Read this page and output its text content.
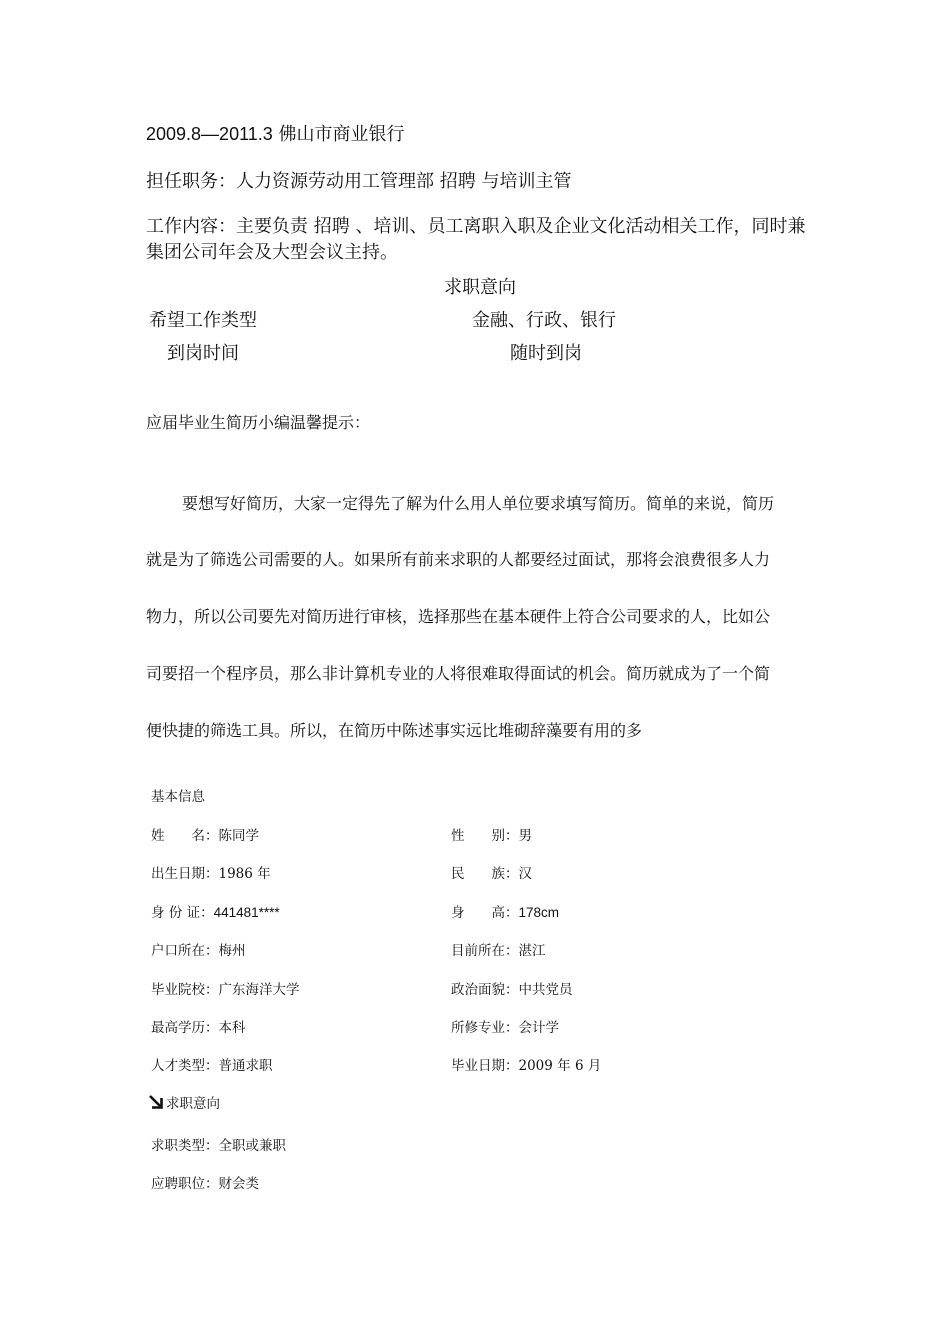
2009.8—2011.3 佛山市商业银行
担任职务：人力资源劳动用工管理部 招聘 与培训主管
工作内容：主要负责 招聘 、培训、员工离职入职及企业文化活动相关工作，同时兼集团公司年会及大型会议主持。
求职意向
希望工作类型	金融、行政、银行
到岗时间	随时到岗
应届毕业生简历小编温馨提示：
要想写好简历，大家一定得先了解为什么用人单位要求填写简历。简单的来说，简历
就是为了筛选公司需要的人。如果所有前来求职的人都要经过面试，那将会浪费很多人力
物力，所以公司要先对简历进行审核，选择那些在基本硬件上符合公司要求的人，比如公
司要招一个程序员，那么非计算机专业的人将很难取得面试的机会。简历就成为了一个简
便快捷的筛选工具。所以，在简历中陈述事实远比堆砌辞藻要有用的多
基本信息
姓　　名：陈同学	性　　别：男
出生日期：1986 年	民　　族：汉
身 份 证：441481****	身　　高：178cm
户口所在：梅州	目前所在：湛江
毕业院校：广东海洋大学	政治面貌：中共党员
最高学历：本科	所修专业：会计学
人才类型：普通求职	毕业日期：2009 年 6 月
求职意向
求职类型：全职或兼职
应聘职位：财会类
